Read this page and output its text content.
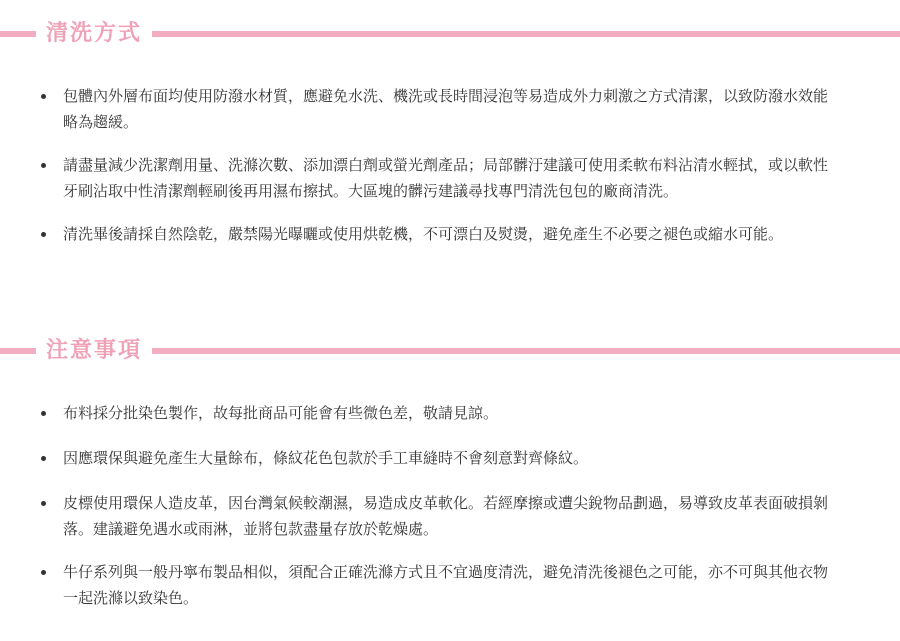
清洗方式
包體內外層布面均使用防潑水材質，應避免水洗、機洗或長時間浸泡等易造成外力刺激之方式清潔，以致防潑水效能略為趨緩。
請盡量減少洗潔劑用量、洗滌次數、添加漂白劑或螢光劑產品；局部髒汙建議可使用柔軟布料沾清水輕拭，或以軟性牙刷沾取中性清潔劑輕刷後再用濕布擦拭。大區塊的髒污建議尋找專門清洗包包的廠商清洗。
清洗畢後請採自然陰乾，嚴禁陽光曝曬或使用烘乾機，不可漂白及熨燙，避免產生不必要之褪色或縮水可能。
注意事項
布料採分批染色製作，故每批商品可能會有些微色差，敬請見諒。
因應環保與避免產生大量餘布，條紋花色包款於手工車縫時不會刻意對齊條紋。
皮標使用環保人造皮革，因台灣氣候較潮濕，易造成皮革軟化。若經摩擦或遭尖銳物品劃過，易導致皮革表面破損剝落。建議避免遇水或雨淋，並將包款盡量存放於乾燥處。
牛仔系列與一般丹寧布製品相似，須配合正確洗滌方式且不宜過度清洗，避免清洗後褪色之可能，亦不可與其他衣物一起洗滌以致染色。
